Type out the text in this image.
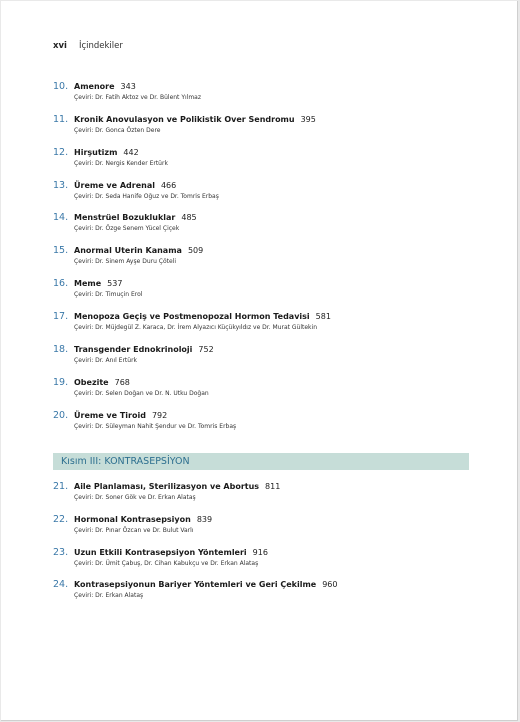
xvi İçindekiler
10. Amenore 343
Çeviri: Dr. Fatih Aktoz ve Dr. Bülent Yılmaz
11. Kronik Anovulasyon ve Polikistik Over Sendromu 395
Çeviri: Dr. Gonca Özten Dere
12. Hirşutizm 442
Çeviri: Dr. Nergis Kender Ertürk
13. Üreme ve Adrenal 466
Çeviri: Dr. Seda Hanife Oğuz ve Dr. Tomris Erbaş
14. Menstrüel Bozukluklar 485
Çeviri: Dr. Özge Senem Yücel Çiçek
15. Anormal Uterin Kanama 509
Çeviri: Dr. Sinem Ayşe Duru Çöteli
16. Meme 537
Çeviri: Dr. Timuçin Erol
17. Menopoza Geçiş ve Postmenopozal Hormon Tedavisi 581
Çeviri: Dr. Müjdegül Z. Karaca, Dr. İrem Alyazıcı Küçükyıldız ve Dr. Murat Gültekin
18. Transgender Ednokrinoloji 752
Çeviri: Dr. Anıl Ertürk
19. Obezite 768
Çeviri: Dr. Selen Doğan ve Dr. N. Utku Doğan
20. Üreme ve Tiroid 792
Çeviri: Dr. Süleyman Nahit Şendur ve Dr. Tomris Erbaş
Kısım III: KONTRASEPSİYON
21. Aile Planlaması, Sterilizasyon ve Abortus 811
Çeviri: Dr. Soner Gök ve Dr. Erkan Alataş
22. Hormonal Kontrasepsiyon 839
Çeviri: Dr. Pınar Özcan ve Dr. Bulut Varlı
23. Uzun Etkili Kontrasepsiyon Yöntemleri 916
Çeviri: Dr. Ümit Çabuş, Dr. Cihan Kabukçu ve Dr. Erkan Alataş
24. Kontrasepsiyonun Bariyer Yöntemleri ve Geri Çekilme 960
Çeviri: Dr. Erkan Alataş
